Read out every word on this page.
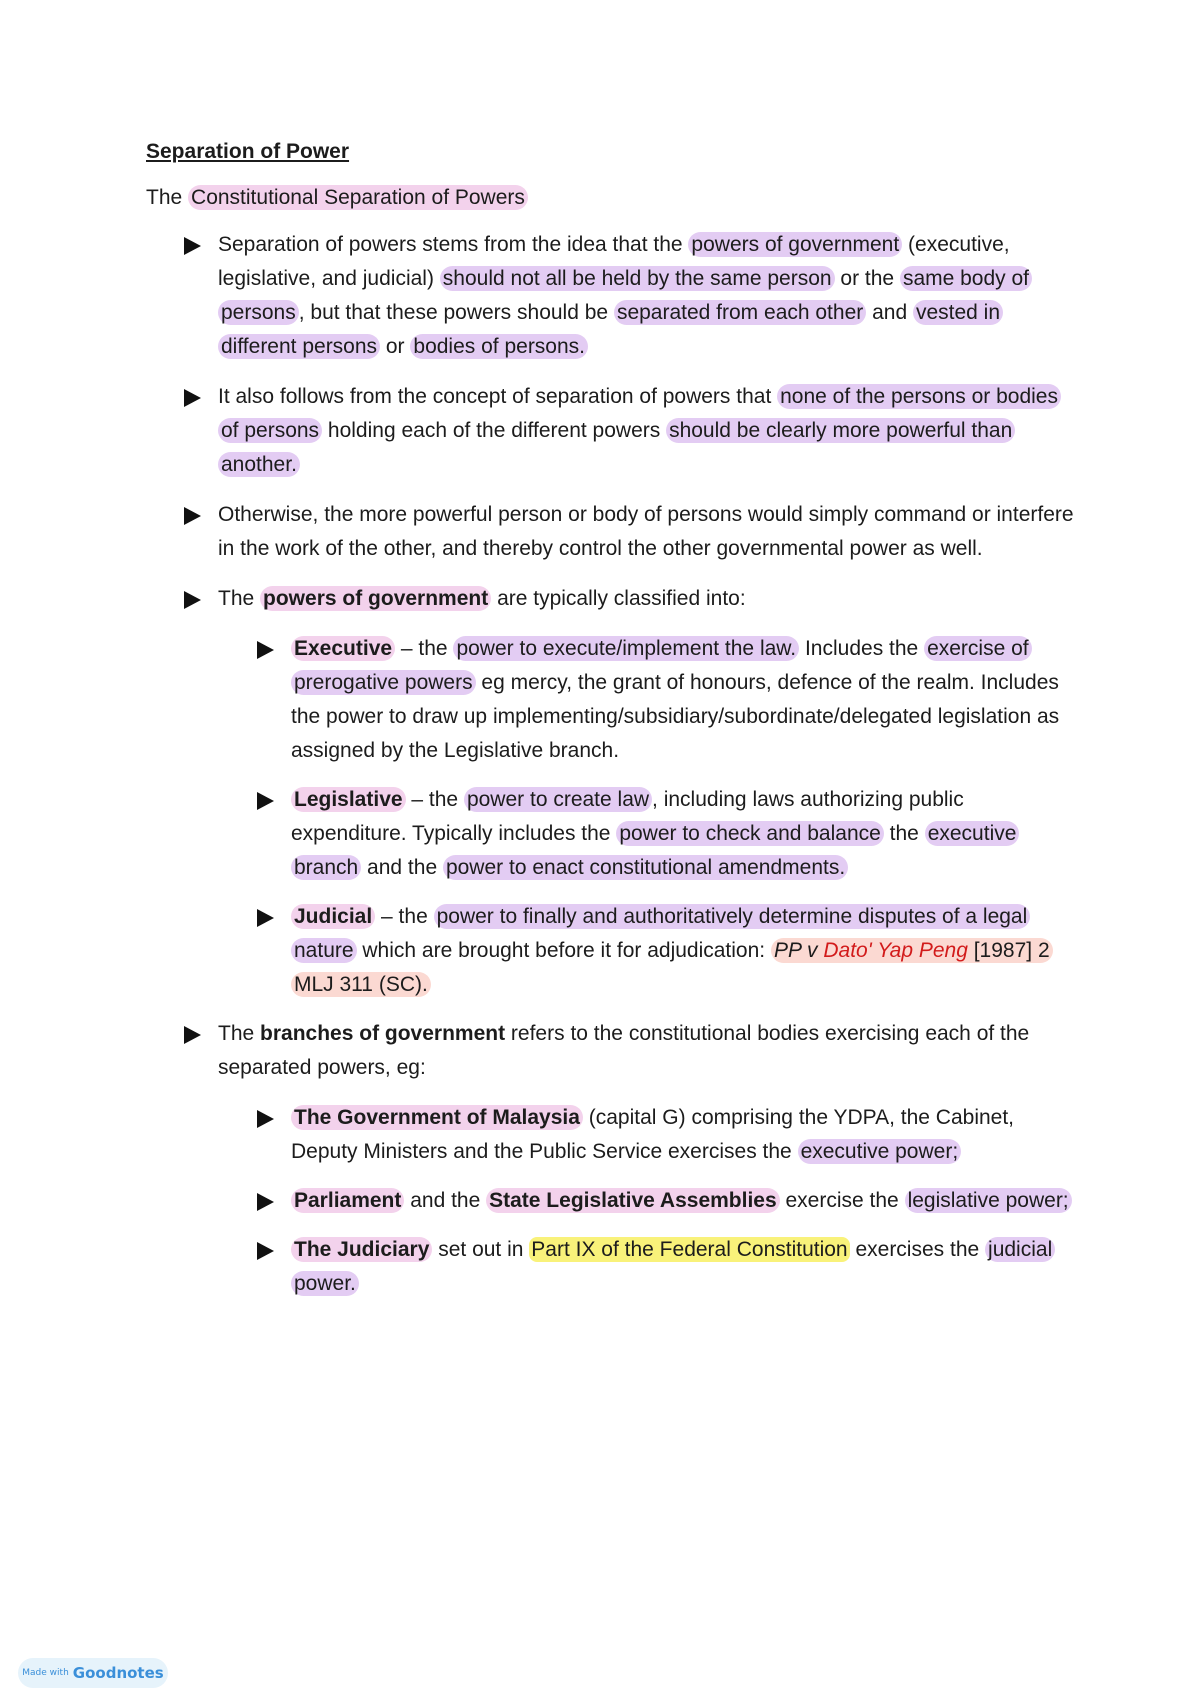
Separation of Power
The Constitutional Separation of Powers
Separation of powers stems from the idea that the powers of government (executive, legislative, and judicial) should not all be held by the same person or the same body of persons , but that these powers should be separated from each other and vested in different persons or bodies of persons.
It also follows from the concept of separation of powers that none of the persons or bodies of persons holding each of the different powers should be clearly more powerful than another.
Otherwise, the more powerful person or body of persons would simply command or interfere in the work of the other, and thereby control the other governmental power as well.
The powers of government are typically classified into:
Executive – the power to execute/implement the law. Includes the exercise of prerogative powers eg mercy, the grant of honours, defence of the realm. Includes the power to draw up implementing/subsidiary/subordinate/delegated legislation as assigned by the Legislative branch.
Legislative – the power to create law , including laws authorizing public expenditure. Typically includes the power to check and balance the executive branch and the power to enact constitutional amendments.
Judicial – the power to finally and authoritatively determine disputes of a legal nature which are brought before it for adjudication: PP v Dato' Yap Peng [1987] 2 MLJ 311 (SC).
The branches of government refers to the constitutional bodies exercising each of the separated powers, eg:
The Government of Malaysia (capital G) comprising the YDPA, the Cabinet, Deputy Ministers and the Public Service exercises the executive power;
Parliament and the State Legislative Assemblies exercise the legislative power;
The Judiciary set out in Part IX of the Federal Constitution exercises the judicial power.
Made with Goodnotes
